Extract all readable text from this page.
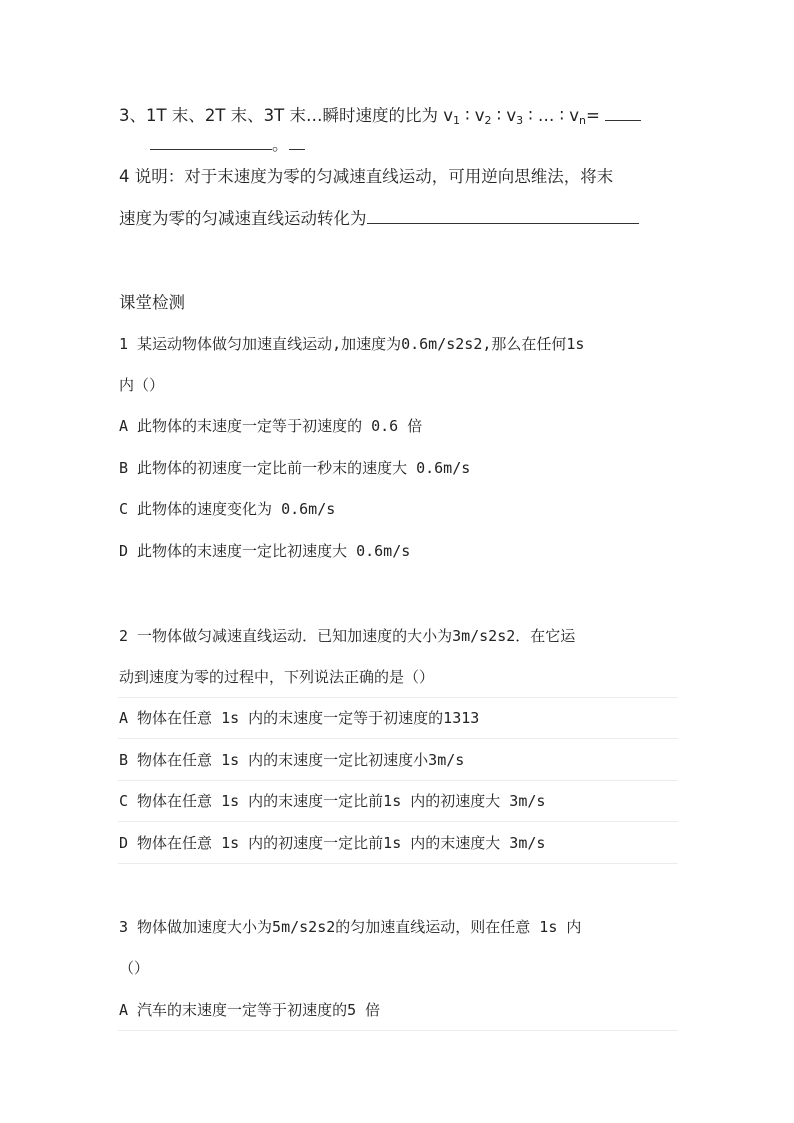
3、1T 末、2T 末、3T 末…瞬时速度的比为 $v_1$ ∶ $v_2$ ∶ $v_3$ ∶ … ∶ $v_n=$
。
4 说明：对于末速度为零的匀减速直线运动，可用逆向思维法，将末
速度为零的匀减速直线运动转化为
课堂检测
1 某运动物体做匀加速直线运动,加速度为0.6m/s2s2,那么在任何1s
内（）
A 此物体的末速度一定等于初速度的 0.6 倍
B 此物体的初速度一定比前一秒末的速度大 0.6m/s
C 此物体的速度变化为 0.6m/s
D 此物体的末速度一定比初速度大 0.6m/s
2 一物体做匀减速直线运动．已知加速度的大小为3m/s2s2．在它运
动到速度为零的过程中，下列说法正确的是（）
A 物体在任意 1s 内的末速度一定等于初速度的1313
B 物体在任意 1s 内的末速度一定比初速度小3m/s
C 物体在任意 1s 内的末速度一定比前1s 内的初速度大 3m/s
D 物体在任意 1s 内的初速度一定比前1s 内的末速度大 3m/s
3 物体做加速度大小为5m/s2s2的匀加速直线运动，则在任意 1s 内
（）
A 汽车的末速度一定等于初速度的5 倍
